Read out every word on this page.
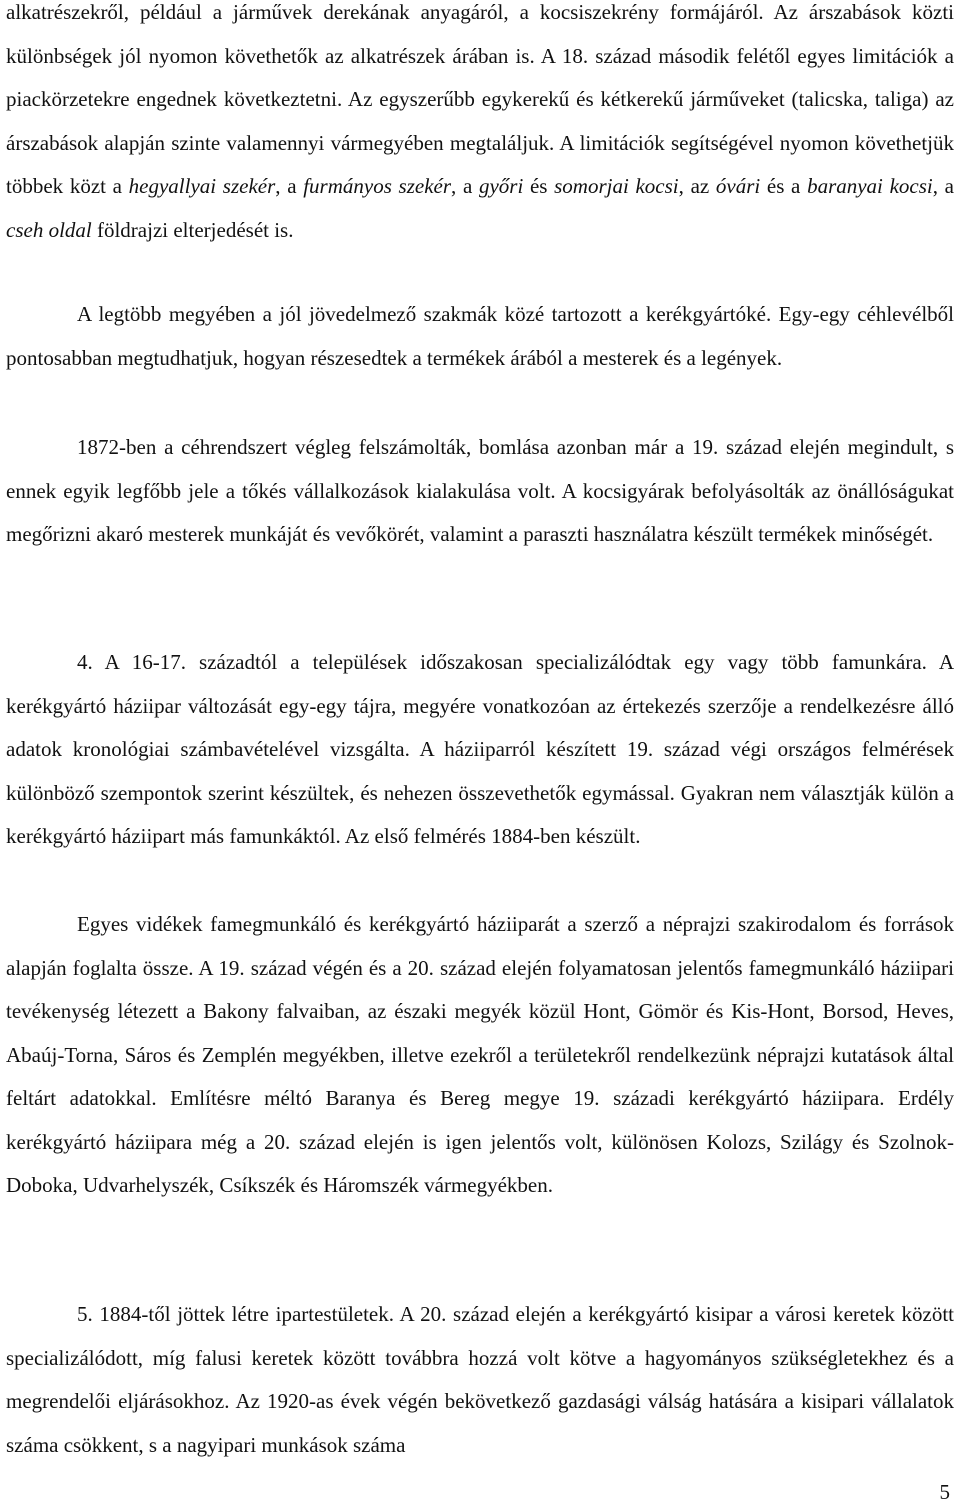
alkatrészekről, például a járművek derekának anyagáról, a kocsiszekrény formájáról. Az árszabások közti különbségek jól nyomon követhetők az alkatrészek árában is. A 18. század második felétől egyes limitációk a piackörzetekre engednek következtetni. Az egyszerűbb egykerekű és kétkerekű járműveket (talicska, taliga) az árszabások alapján szinte valamennyi vármegyében megtaláljuk. A limitációk segítségével nyomon követhetjük többek közt a hegyallyai szekér, a furmányos szekér, a győri és somorjai kocsi, az óvári és a baranyai kocsi, a cseh oldal földrajzi elterjedését is.

A legtöbb megyében a jól jövedelmező szakmák közé tartozott a kerékgyártóké. Egy-egy céhlevélből pontosabban megtudhatjuk, hogyan részesedtek a termékek árából a mesterek és a legények.

1872-ben a céhrendszert végleg felszámolták, bomlása azonban már a 19. század elején megindult, s ennek egyik legfőbb jele a tőkés vállalkozások kialakulása volt. A kocsigyárak befolyásolták az önállóságukat megőrizni akaró mesterek munkáját és vevőkörét, valamint a paraszti használatra készült termékek minőségét.

4. A 16-17. századtól a települések időszakosan specializálódtak egy vagy több famunkára. A kerékgyártó háziipar változását egy-egy tájra, megyére vonatkozóan az értekezés szerzője a rendelkezésre álló adatok kronológiai számbavételével vizsgálta. A háziiparról készített 19. század végi országos felmérések különböző szempontok szerint készültek, és nehezen összevethetők egymással. Gyakran nem választják külön a kerékgyártó háziipart más famunkáktól. Az első felmérés 1884-ben készült.

Egyes vidékek famegmunkáló és kerékgyártó háziiparát a szerző a néprajzi szakirodalom és források alapján foglalta össze. A 19. század végén és a 20. század elején folyamatosan jelentős famegmunkáló háziipari tevékenység létezett a Bakony falvaiban, az északi megyék közül Hont, Gömör és Kis-Hont, Borsod, Heves, Abaúj-Torna, Sáros és Zemplén megyékben, illetve ezekről a területekről rendelkezünk néprajzi kutatások által feltárt adatokkal. Említésre méltó Baranya és Bereg megye 19. századi kerékgyártó háziipara. Erdély kerékgyártó háziipara még a 20. század elején is igen jelentős volt, különösen Kolozs, Szilágy és Szolnok-Doboka, Udvarhelyszék, Csíkszék és Háromszék vármegyékben.

5. 1884-től jöttek létre ipartestületek. A 20. század elején a kerékgyártó kisipar a városi keretek között specializálódott, míg falusi keretek között továbbra hozzá volt kötve a hagyományos szükségletekhez és a megrendelői eljárásokhoz. Az 1920-as évek végén bekövetkező gazdasági válság hatására a kisipari vállalatok száma csökkent, s a nagyipari munkások száma

5
